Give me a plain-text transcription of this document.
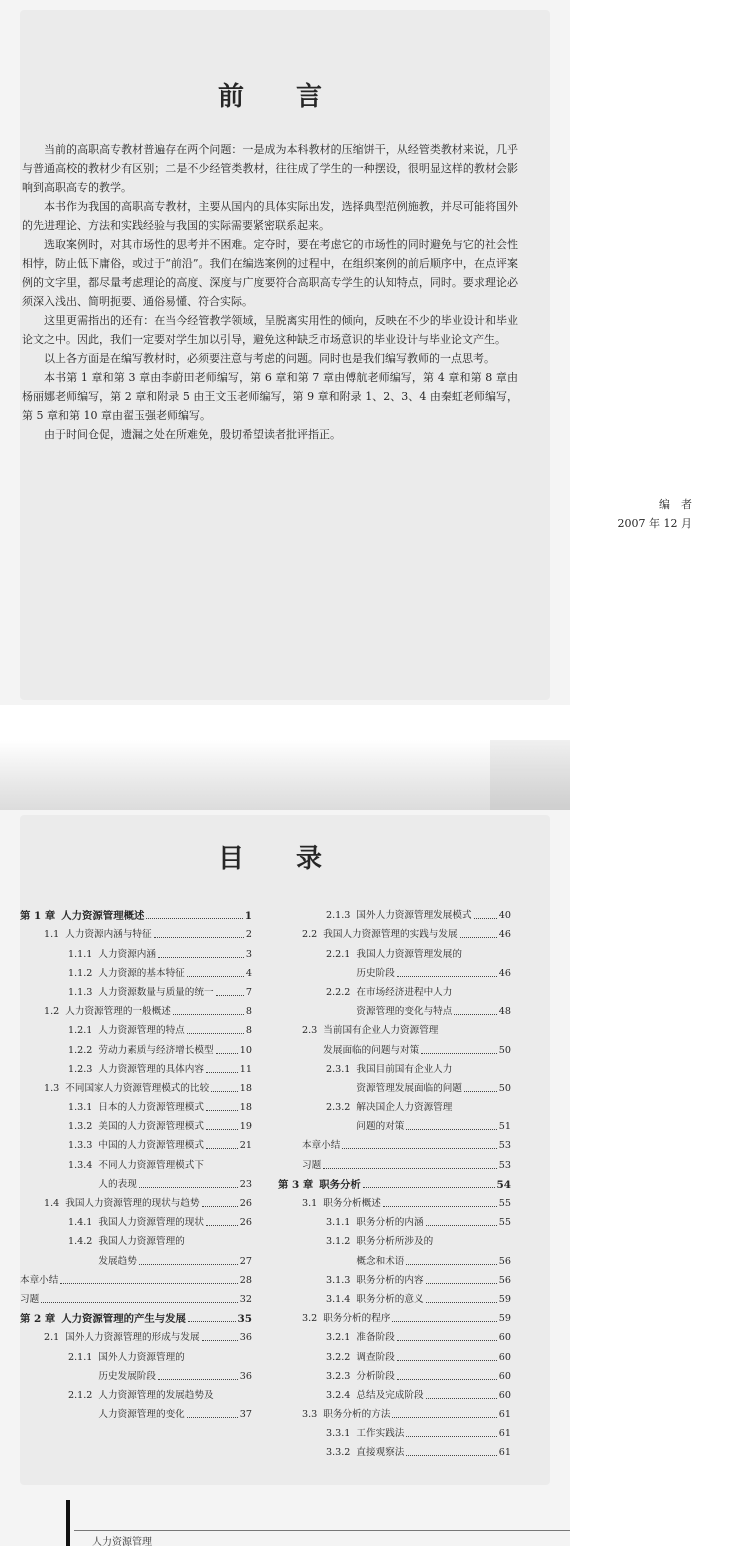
前言

当前的高职高专教材普遍存在两个问题：一是成为本科教材的压缩饼干，从经管类教材来说，几乎与普通高校的教材少有区别；二是不少经管类教材，往往成了学生的一种摆设，很明显这样的教材会影响到高职高专的教学。

本书作为我国的高职高专教材，主要从国内的具体实际出发，选择典型范例施教，并尽可能将国外的先进理论、方法和实践经验与我国的实际需要紧密联系起来。

选取案例时，对其市场性的思考并不困难。定夺时，要在考虑它的市场性的同时避免与它的社会性相悖，防止低下庸俗，或过于“前沿”。我们在编选案例的过程中，在组织案例的前后顺序中，在点评案例的文字里，都尽量考虑理论的高度、深度与广度要符合高职高专学生的认知特点，同时。要求理论必须深入浅出、简明扼要、通俗易懂、符合实际。

这里更需指出的还有：在当今经管教学领域，呈脱离实用性的倾向，反映在不少的毕业设计和毕业论文之中。因此，我们一定要对学生加以引导，避免这种缺乏市场意识的毕业设计与毕业论文产生。

以上各方面是在编写教材时，必须要注意与考虑的问题。同时也是我们编写教师的一点思考。

本书第 1 章和第 3 章由李蔚田老师编写，第 6 章和第 7 章由傅航老师编写，第 4 章和第 8 章由杨丽娜老师编写，第 2 章和附录 5 由王文玉老师编写，第 9 章和附录 1、2、3、4 由秦虹老师编写，第 5 章和第 10 章由翟玉强老师编写。

由于时间仓促，遗漏之处在所难免，殷切希望读者批评指正。

编　者
2007 年 12 月
目录
第 1 章 人力资源管理概述	1
1.1 人力资源内涵与特征	2
1.1.1 人力资源内涵	3
1.1.2 人力资源的基本特征	4
1.1.3 人力资源数量与质量的统一	7
1.2 人力资源管理的一般概述	8
1.2.1 人力资源管理的特点	8
1.2.2 劳动力素质与经济增长模型	10
1.2.3 人力资源管理的具体内容	11
1.3 不同国家人力资源管理模式的比较	18
1.3.1 日本的人力资源管理模式	18
1.3.2 美国的人力资源管理模式	19
1.3.3 中国的人力资源管理模式	21
1.3.4 不同人力资源管理模式下
人的表现	23
1.4 我国人力资源管理的现状与趋势	26
1.4.1 我国人力资源管理的现状	26
1.4.2 我国人力资源管理的
发展趋势	27
本章小结	28
习题	32
第 2 章 人力资源管理的产生与发展	35
2.1 国外人力资源管理的形成与发展	36
2.1.1 国外人力资源管理的
历史发展阶段	36
2.1.2 人力资源管理的发展趋势及
人力资源管理的变化	37
2.1.3 国外人力资源管理发展模式	40
2.2 我国人力资源管理的实践与发展	46
2.2.1 我国人力资源管理发展的
历史阶段	46
2.2.2 在市场经济进程中人力
资源管理的变化与特点	48
2.3 当前国有企业人力资源管理
发展面临的问题与对策	50
2.3.1 我国目前国有企业人力
资源管理发展面临的问题	50
2.3.2 解决国企人力资源管理
问题的对策	51
本章小结	53
习题	53
第 3 章 职务分析	54
3.1 职务分析概述	55
3.1.1 职务分析的内涵	55
3.1.2 职务分析所涉及的
概念和术语	56
3.1.3 职务分析的内容	56
3.1.4 职务分析的意义	59
3.2 职务分析的程序	59
3.2.1 准备阶段	60
3.2.2 调查阶段	60
3.2.3 分析阶段	60
3.2.4 总结及完成阶段	60
3.3 职务分析的方法	61
3.3.1 工作实践法	61
3.3.2 直接观察法	61
人力资源管理
